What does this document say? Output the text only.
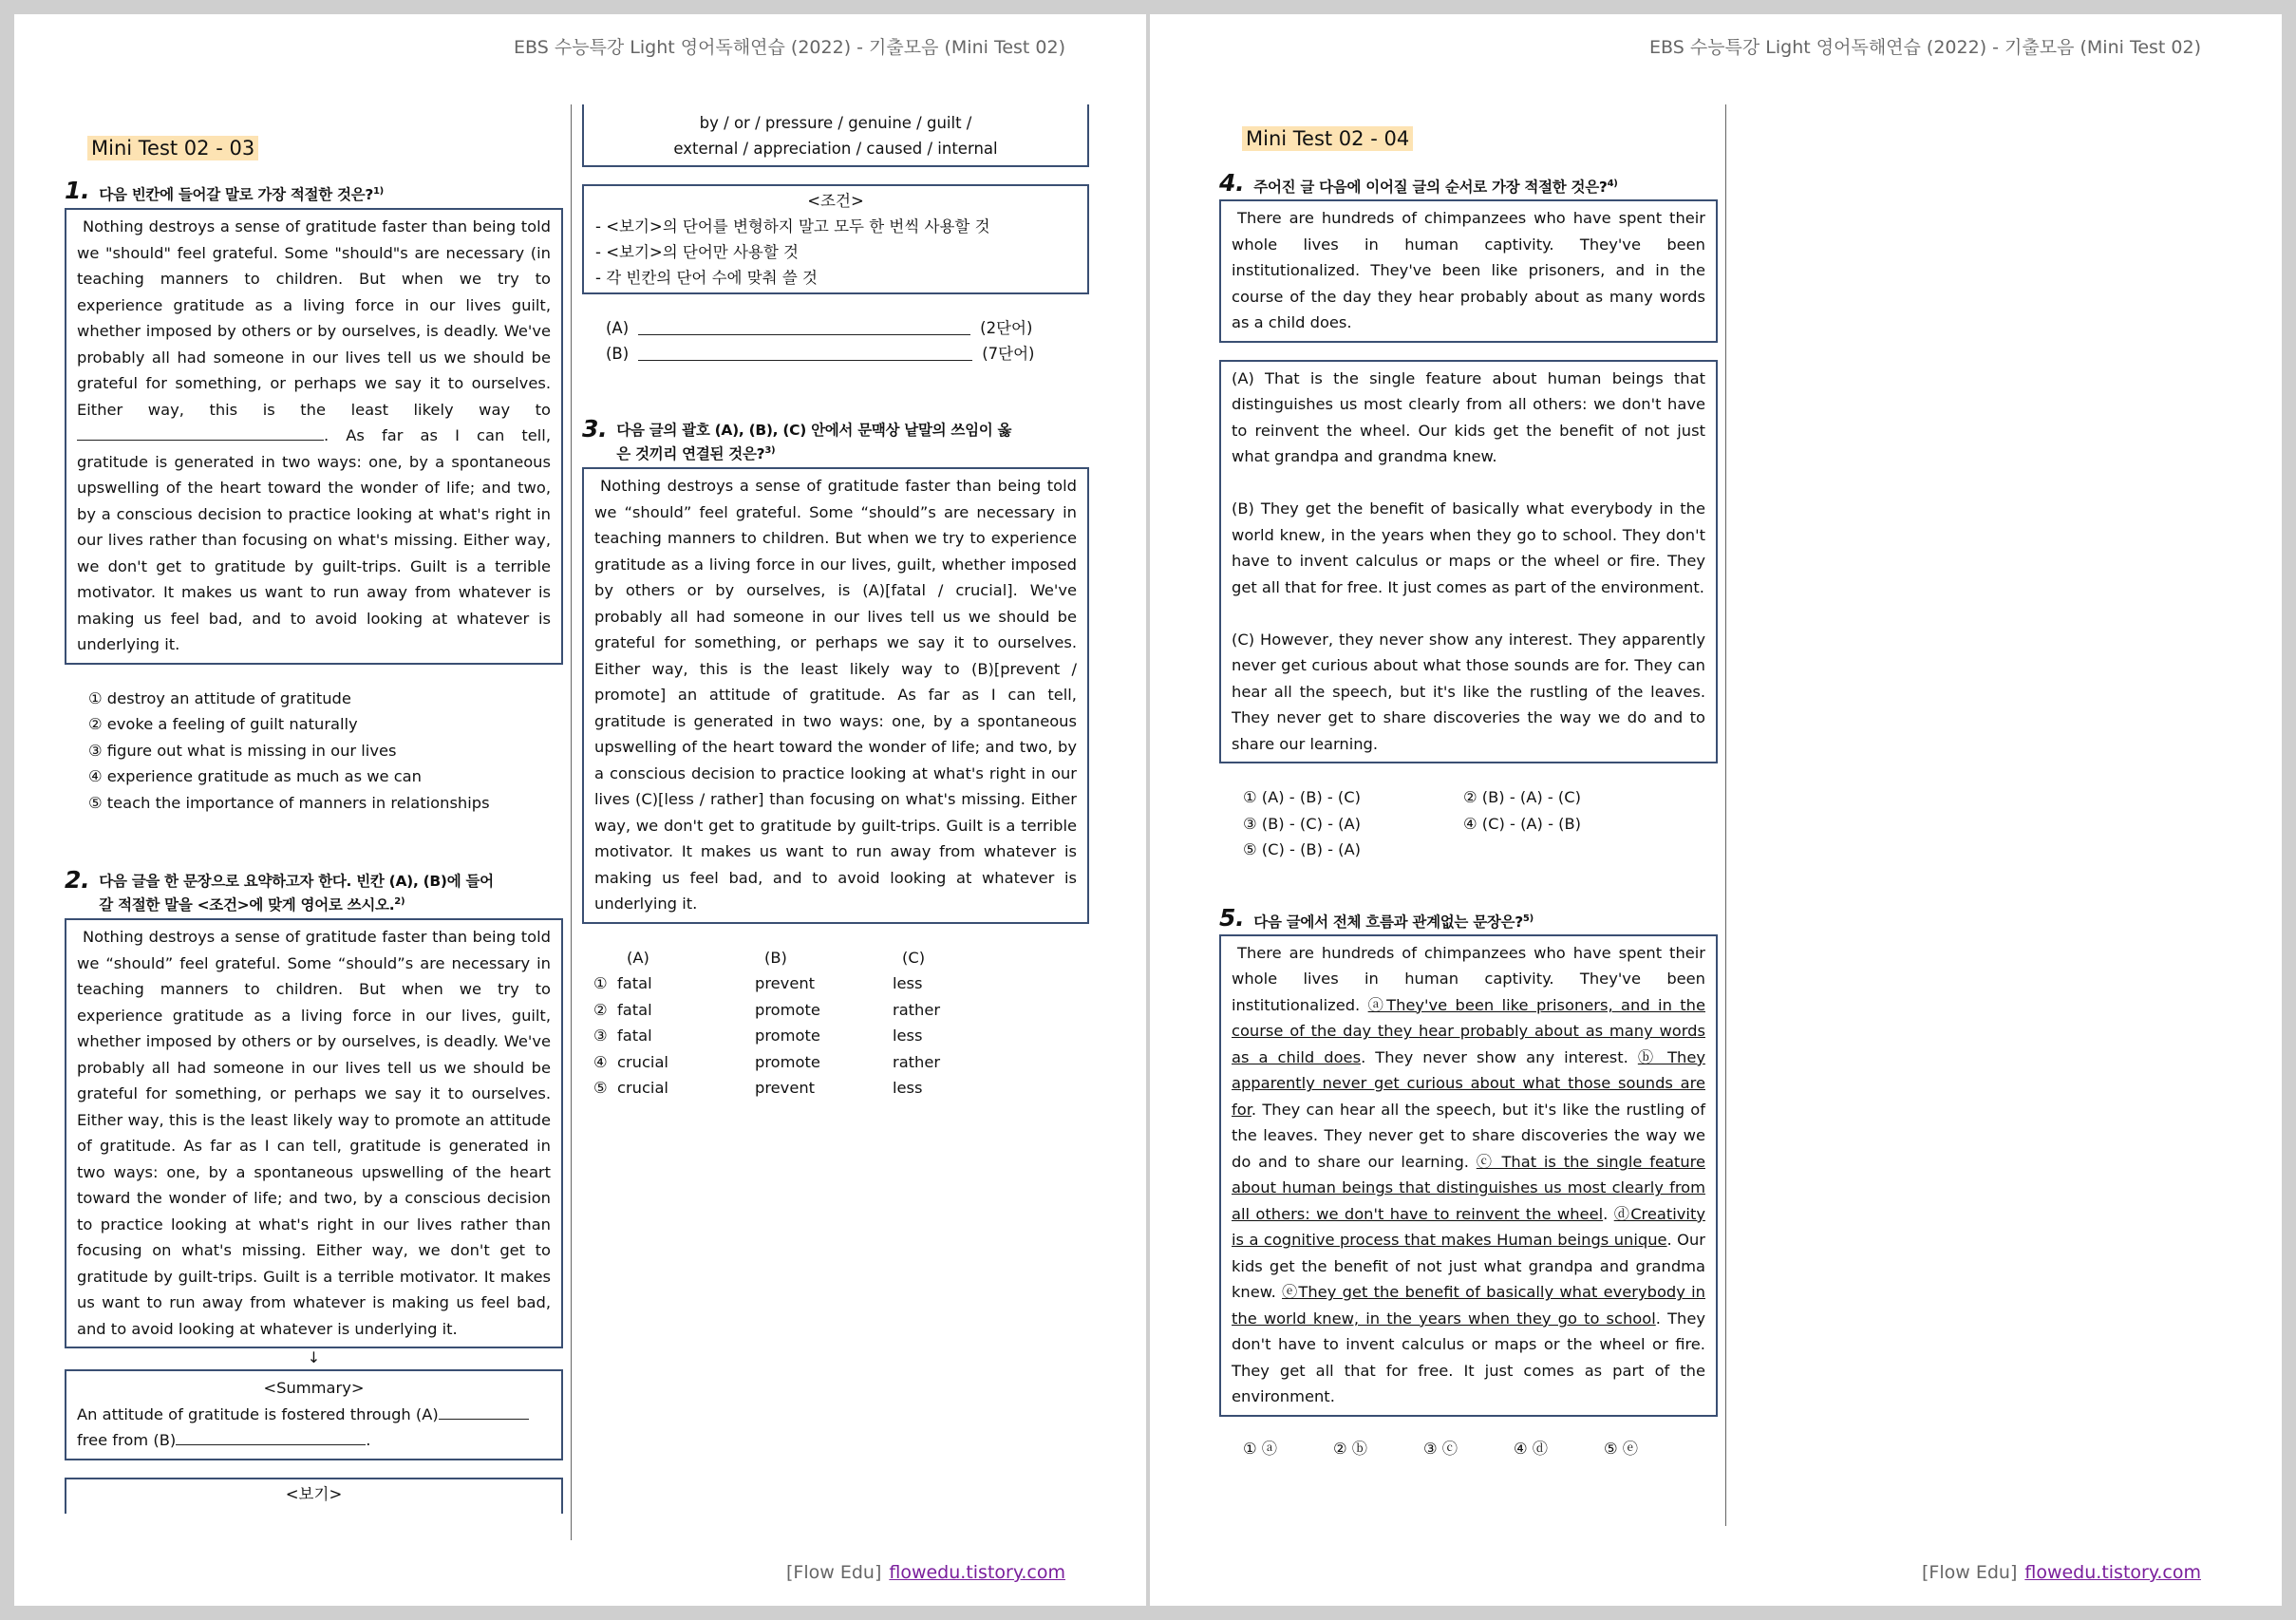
EBS 수능특강 Light 영어독해연습 (2022) - 기출모음 (Mini Test 02)
Mini Test 02 - 03
1. 다음 빈칸에 들어갈 말로 가장 적절한 것은?$^{1)}$
Nothing destroys a sense of gratitude faster than being told we "should" feel grateful. Some "should"s are necessary (in teaching manners to children. But when we try to experience gratitude as a living force in our lives guilt, whether imposed by others or by ourselves, is deadly. We've probably all had someone in our lives tell us we should be grateful for something, or perhaps we say it to ourselves. Either way, this is the least likely way to . As far as I can tell, gratitude is generated in two ways: one, by a spontaneous upswelling of the heart toward the wonder of life; and two, by a conscious decision to practice looking at what's right in our lives rather than focusing on what's missing. Either way, we don't get to gratitude by guilt-trips. Guilt is a terrible motivator. It makes us want to run away from whatever is making us feel bad, and to avoid looking at whatever is underlying it.
① destroy an attitude of gratitude
② evoke a feeling of guilt naturally
③ figure out what is missing in our lives
④ experience gratitude as much as we can
⑤ teach the importance of manners in relationships
2. 다음 글을 한 문장으로 요약하고자 한다. 빈칸 (A), (B)에 들어
갈 적절한 말을 <조건>에 맞게 영어로 쓰시오.$^{2)}$
Nothing destroys a sense of gratitude faster than being told we “should” feel grateful. Some “should”s are necessary in teaching manners to children. But when we try to experience gratitude as a living force in our lives, guilt, whether imposed by others or by ourselves, is deadly. We've probably all had someone in our lives tell us we should be grateful for something, or perhaps we say it to ourselves. Either way, this is the least likely way to promote an attitude of gratitude. As far as I can tell, gratitude is generated in two ways: one, by a spontaneous upswelling of the heart toward the wonder of life; and two, by a conscious decision to practice looking at what's right in our lives rather than focusing on what's missing. Either way, we don't get to gratitude by guilt-trips. Guilt is a terrible motivator. It makes us want to run away from whatever is making us feel bad, and to avoid looking at whatever is underlying it.
↓
<Summary>
An attitude of gratitude is fostered through (A)
free from (B)	.
<보기>
by / or / pressure / genuine / guilt /
external / appreciation / caused / internal
<조건>
- <보기>의 단어를 변형하지 말고 모두 한 번씩 사용할 것
- <보기>의 단어만 사용할 것
- 각 빈칸의 단어 수에 맞춰 쓸 것
(A)	(2단어)
(B)	(7단어)
3. 다음 글의 괄호 (A), (B), (C) 안에서 문맥상 낱말의 쓰임이 옳
은 것끼리 연결된 것은?$^{3)}$
Nothing destroys a sense of gratitude faster than being told we “should” feel grateful. Some “should”s are necessary in teaching manners to children. But when we try to experience gratitude as a living force in our lives, guilt, whether imposed by others or by ourselves, is (A)[fatal / crucial]. We've probably all had someone in our lives tell us we should be grateful for something, or perhaps we say it to ourselves. Either way, this is the least likely way to (B)[prevent / promote] an attitude of gratitude. As far as I can tell, gratitude is generated in two ways: one, by a spontaneous upswelling of the heart toward the wonder of life; and two, by a conscious decision to practice looking at what's right in our lives (C)[less / rather] than focusing on what's missing. Either way, we don't get to gratitude by guilt-trips. Guilt is a terrible motivator. It makes us want to run away from whatever is making us feel bad, and to avoid looking at whatever is underlying it.
	(A)	(B)	(C)
①	fatal	prevent	less
②	fatal	promote	rather
③	fatal	promote	less
④	crucial	promote	rather
⑤	crucial	prevent	less
[Flow Edu] flowedu.tistory.com
EBS 수능특강 Light 영어독해연습 (2022) - 기출모음 (Mini Test 02)
Mini Test 02 - 04
4. 주어진 글 다음에 이어질 글의 순서로 가장 적절한 것은?$^{4)}$
There are hundreds of chimpanzees who have spent their whole lives in human captivity. They've been institutionalized. They've been like prisoners, and in the course of the day they hear probably about as many words as a child does.

(A) That is the single feature about human beings that distinguishes us most clearly from all others: we don't have to reinvent the wheel. Our kids get the benefit of not just what grandpa and grandma knew.

(B) They get the benefit of basically what everybody in the world knew, in the years when they go to school. They don't have to invent calculus or maps or the wheel or fire. They get all that for free. It just comes as part of the environment.

(C) However, they never show any interest. They apparently never get curious about what those sounds are for. They can hear all the speech, but it's like the rustling of the leaves. They never get to share discoveries the way we do and to share our learning.

① (A) - (B) - (C)	② (B) - (A) - (C)
③ (B) - (C) - (A)	④ (C) - (A) - (B)
⑤ (C) - (B) - (A)
5. 다음 글에서 전체 흐름과 관계없는 문장은?$^{5)}$
There are hundreds of chimpanzees who have spent their whole lives in human captivity. They've been institutionalized. ⓐThey've been like prisoners, and in the course of the day they hear probably about as many words as a child does. They never show any interest. ⓑ They apparently never get curious about what those sounds are for. They can hear all the speech, but it's like the rustling of the leaves. They never get to share discoveries the way we do and to share our learning. ⓒ That is the single feature about human beings that distinguishes us most clearly from all others: we don't have to reinvent the wheel. ⓓCreativity is a cognitive process that makes Human beings unique. Our kids get the benefit of not just what grandpa and grandma knew. ⓔThey get the benefit of basically what everybody in the world knew, in the years when they go to school. They don't have to invent calculus or maps or the wheel or fire. They get all that for free. It just comes as part of the environment.
① ⓐ	② ⓑ	③ ⓒ	④ ⓓ	⑤ ⓔ
[Flow Edu] flowedu.tistory.com
